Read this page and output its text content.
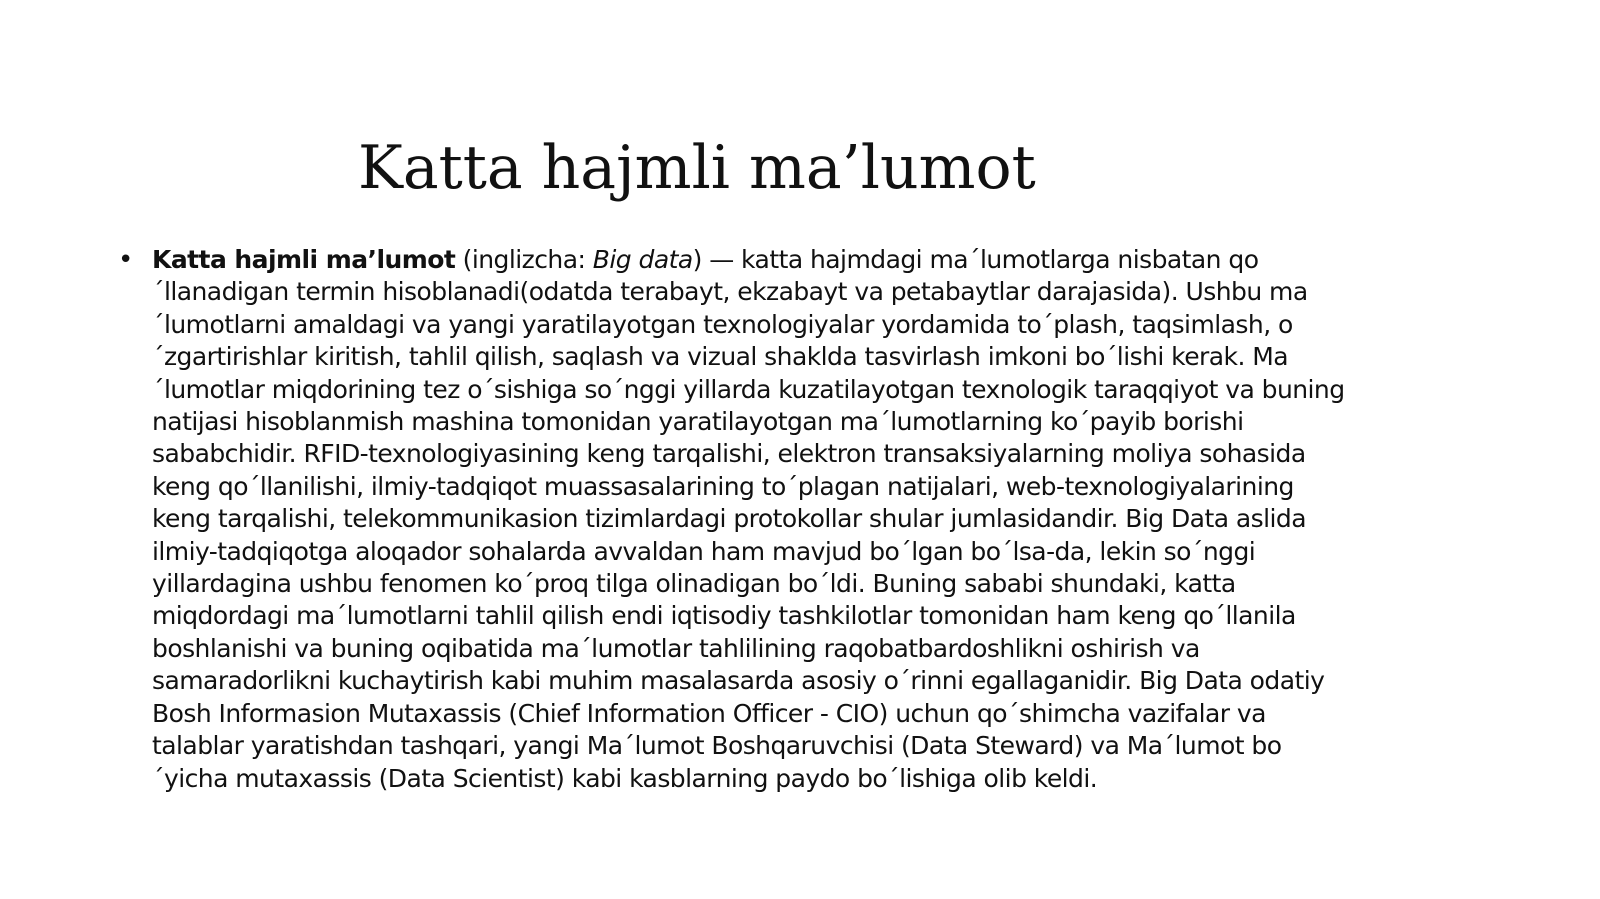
Katta hajmli ma’lumot
• Katta hajmli ma’lumot (inglizcha: Big data) — katta hajmdagi ma´lumotlarga nisbatan qo
´llanadigan termin hisoblanadi(odatda terabayt, ekzabayt va petabaytlar darajasida). Ushbu ma
´lumotlarni amaldagi va yangi yaratilayotgan texnologiyalar yordamida to´plash, taqsimlash, o
´zgartirishlar kiritish, tahlil qilish, saqlash va vizual shaklda tasvirlash imkoni bo´lishi kerak. Ma
´lumotlar miqdorining tez o´sishiga so´nggi yillarda kuzatilayotgan texnologik taraqqiyot va buning
natijasi hisoblanmish mashina tomonidan yaratilayotgan ma´lumotlarning ko´payib borishi
sababchidir. RFID-texnologiyasining keng tarqalishi, elektron transaksiyalarning moliya sohasida
keng qo´llanilishi, ilmiy-tadqiqot muassasalarining to´plagan natijalari, web-texnologiyalarining
keng tarqalishi, telekommunikasion tizimlardagi protokollar shular jumlasidandir. Big Data aslida
ilmiy-tadqiqotga aloqador sohalarda avvaldan ham mavjud bo´lgan bo´lsa-da, lekin so´nggi
yillardagina ushbu fenomen ko´proq tilga olinadigan bo´ldi. Buning sababi shundaki, katta
miqdordagi ma´lumotlarni tahlil qilish endi iqtisodiy tashkilotlar tomonidan ham keng qo´llanila
boshlanishi va buning oqibatida ma´lumotlar tahlilining raqobatbardoshlikni oshirish va
samaradorlikni kuchaytirish kabi muhim masalasarda asosiy o´rinni egallaganidir. Big Data odatiy
Bosh Informasion Mutaxassis (Chief Information Officer - CIO) uchun qo´shimcha vazifalar va
talablar yaratishdan tashqari, yangi Ma´lumot Boshqaruvchisi (Data Steward) va Ma´lumot bo
´yicha mutaxassis (Data Scientist) kabi kasblarning paydo bo´lishiga olib keldi.
